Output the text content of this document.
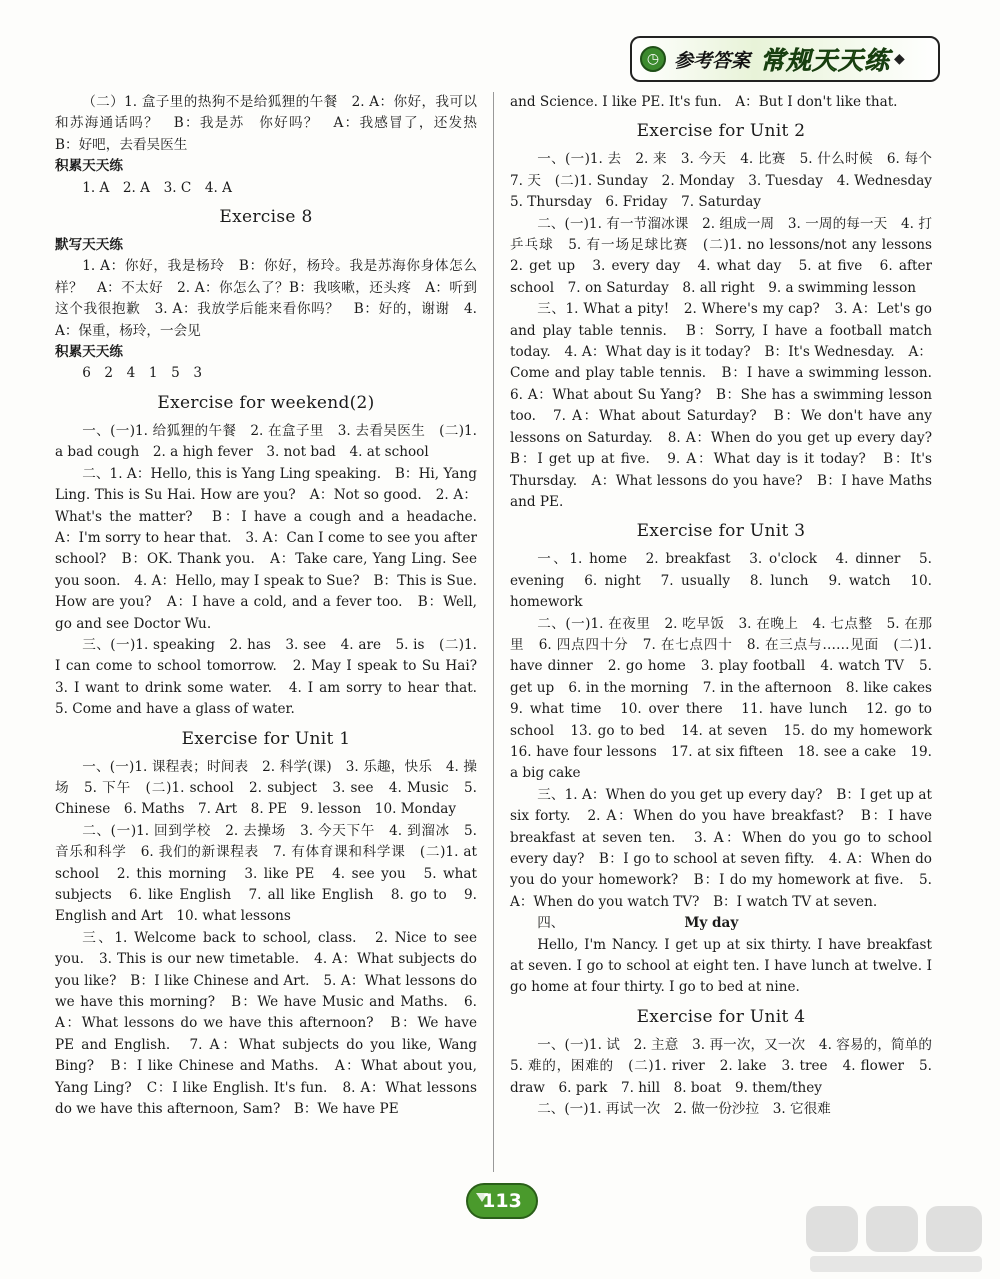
◷ 参考答案 常规天天练 ◆

（二）1. 盒子里的热狗不是给狐狸的午餐　2. A：你好，我可以和苏海通话吗？　B：我是苏　你好吗？　A：我感冒了，还发热　B：好吧，去看吴医生

积累天天练

1. A　2. A　3. C　4. A

Exercise 8

默写天天练

1. A：你好，我是杨玲　B：你好，杨玲。我是苏海你身体怎么样？　A：不太好　2. A：你怎么了？B：我咳嗽，还头疼　A：听到这个我很抱歉　3. A：我放学后能来看你吗？　B：好的，谢谢　4. A：保重，杨玲，一会见

积累天天练

6　2　4　1　5　3

Exercise for weekend(2)

一、(一)1. 给狐狸的午餐　2. 在盒子里　3. 去看吴医生　(二)1. a bad cough　2. a high fever　3. not bad　4. at school

二、1. A：Hello, this is Yang Ling speaking.　B：Hi, Yang Ling. This is Su Hai. How are you?　A：Not so good.　2. A：What's the matter?　B：I have a cough and a headache.　A：I'm sorry to hear that.　3. A：Can I come to see you after school?　B：OK. Thank you.　A：Take care, Yang Ling. See you soon.　4. A：Hello, may I speak to Sue?　B：This is Sue. How are you?　A：I have a cold, and a fever too.　B：Well, go and see Doctor Wu.

三、(一)1. speaking　2. has　3. see　4. are　5. is　(二)1. I can come to school tomorrow.　2. May I speak to Su Hai?　3. I want to drink some water.　4. I am sorry to hear that.　5. Come and have a glass of water.

Exercise for Unit 1

一、(一)1. 课程表；时间表　2. 科学(课)　3. 乐趣，快乐　4. 操场　5. 下午　(二)1. school　2. subject　3. see　4. Music　5. Chinese　6. Maths　7. Art　8. PE　9. lesson　10. Monday

二、(一)1. 回到学校　2. 去操场　3. 今天下午　4. 到溜冰　5. 音乐和科学　6. 我们的新课程表　7. 有体育课和科学课　(二)1. at school　2. this morning　3. like PE　4. see you　5. what subjects　6. like English　7. all like English　8. go to　9. English and Art　10. what lessons

三、1. Welcome back to school, class.　2. Nice to see you.　3. This is our new timetable.　4. A：What subjects do you like?　B：I like Chinese and Art.　5. A：What lessons do we have this morning?　B：We have Music and Maths.　6. A：What lessons do we have this afternoon?　B：We have PE and English.　7. A：What subjects do you like, Wang Bing?　B：I like Chinese and Maths.　A：What about you, Yang Ling?　C：I like English. It's fun.　8. A：What lessons do we have this afternoon, Sam?　B：We have PE

and Science. I like PE. It's fun.　A：But I don't like that.

Exercise for Unit 2

一、(一)1. 去　2. 来　3. 今天　4. 比赛　5. 什么时候　6. 每个　7. 天　(二)1. Sunday　2. Monday　3. Tuesday　4. Wednesday　5. Thursday　6. Friday　7. Saturday

二、(一)1. 有一节溜冰课　2. 组成一周　3. 一周的每一天　4. 打乒乓球　5. 有一场足球比赛　(二)1. no lessons/not any lessons　2. get up　3. every day　4. what day　5. at five　6. after school　7. on Saturday　8. all right　9. a swimming lesson

三、1. What a pity!　2. Where's my cap?　3. A：Let's go and play table tennis.　B：Sorry, I have a football match today.　4. A：What day is it today?　B：It's Wednesday.　A：Come and play table tennis.　B：I have a swimming lesson.　6. A：What about Su Yang?　B：She has a swimming lesson too.　7. A：What about Saturday?　B：We don't have any lessons on Saturday.　8. A：When do you get up every day?　B：I get up at five.　9. A：What day is it today?　B：It's Thursday.　A：What lessons do you have?　B：I have Maths and PE.

Exercise for Unit 3

一、1. home　2. breakfast　3. o'clock　4. dinner　5. evening　6. night　7. usually　8. lunch　9. watch　10. homework

二、(一)1. 在夜里　2. 吃早饭　3. 在晚上　4. 七点整　5. 在那里　6. 四点四十分　7. 在七点四十　8. 在三点与……见面　(二)1. have dinner　2. go home　3. play football　4. watch TV　5. get up　6. in the morning　7. in the afternoon　8. like cakes　9. what time　10. over there　11. have lunch　12. go to school　13. go to bed　14. at seven　15. do my homework　16. have four lessons　17. at six fifteen　18. see a cake　19. a big cake

三、1. A：When do you get up every day?　B：I get up at six forty.　2. A：When do you have breakfast?　B：I have breakfast at seven ten.　3. A：When do you go to school every day?　B：I go to school at seven fifty.　4. A：When do you do your homework?　B：I do my homework at five.　5. A：When do you watch TV?　B：I watch TV at seven.

四、	My day

Hello, I'm Nancy. I get up at six thirty. I have breakfast at seven. I go to school at eight ten. I have lunch at twelve. I go home at four thirty. I go to bed at nine.

Exercise for Unit 4

一、(一)1. 试　2. 主意　3. 再一次，又一次　4. 容易的，简单的　5. 难的，困难的　(二)1. river　2. lake　3. tree　4. flower　5. draw　6. park　7. hill　8. boat　9. them/they

二、(一)1. 再试一次　2. 做一份沙拉　3. 它很难

113
